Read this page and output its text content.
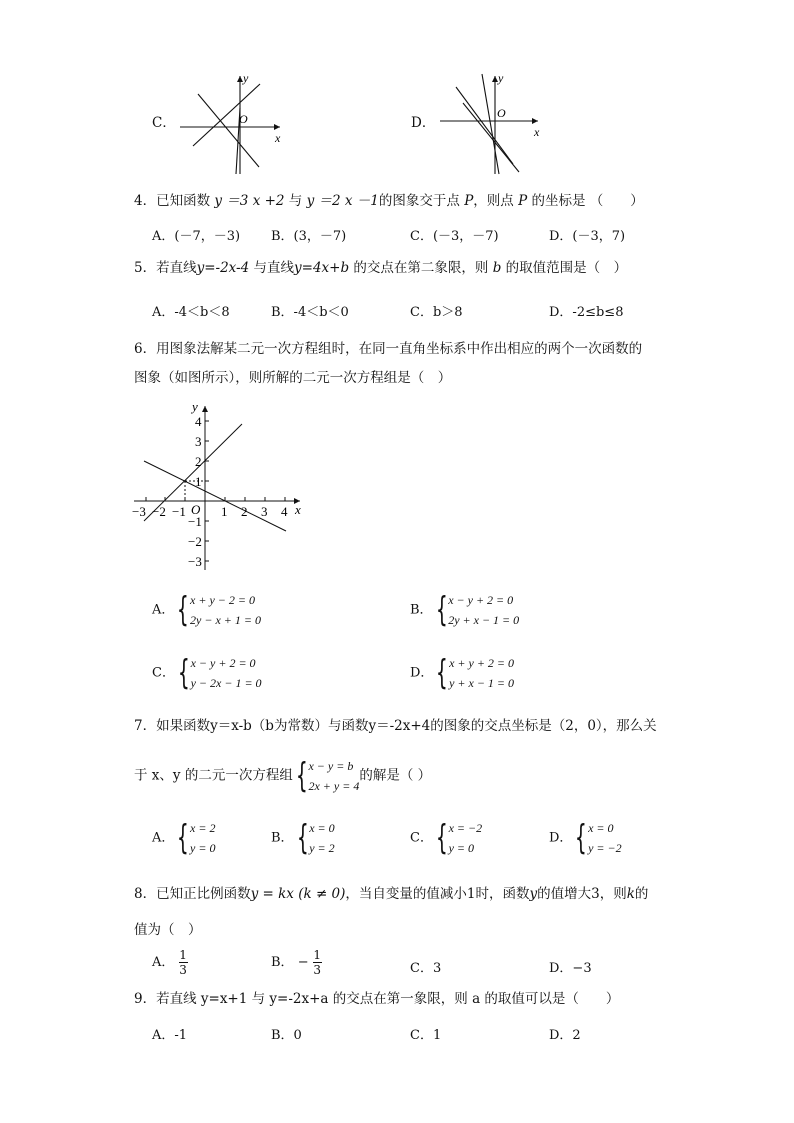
C．
y
x
O	D．
y
x
O
4．已知函数 y ＝3 x +2 与 y ＝2 x －1的图象交于点 P，则点 P 的坐标是 （　　）
A．(－7，－3) B．(3，－7)	C．(－3，－7)	D．(－3，7)
5．若直线y=-2x-4 与直线y=4x+b 的交点在第二象限，则 b 的取值范围是（　）
A．-4＜b＜8	B．-4＜b＜0	C．b＞8	D．-2≤b≤8
6．用图象法解某二元一次方程组时，在同一直角坐标系中作出相应的两个一次函数的
图象（如图所示），则所解的二元一次方程组是（　）
y
x
O
−3 −2 −1	1 2 3 4
4
3
2
1
−1
−2
−3
A． { x + y − 2 = 0
2y − x + 1 = 0
B． { x − y + 2 = 0
2y + x − 1 = 0
C． { x − y + 2 = 0
y − 2x − 1 = 0
D． { x + y + 2 = 0
y + x − 1 = 0
7．如果函数y＝x-b（b为常数）与函数y＝-2x+4的图象的交点坐标是（2，0），那么关
于 x、y 的二元一次方程组 { x − y = b
2x + y = 4
的解是（ ）
A． { x = 2
y = 0
B． { x = 0
y = 2
C． { x = −2
y = 0
D． { x = 0
y = −2
8．已知正比例函数y = kx (k ≠ 0)，当自变量的值减小1时，函数y的值增大3，则k的
值为（　）
A． $\frac{1}{3}$	B． − $\frac{1}{3}$	C．3	D．−3
9．若直线 y=x+1 与 y=-2x+a 的交点在第一象限，则 a 的取值可以是（　　）
A．-1	B．0	C．1	D．2
